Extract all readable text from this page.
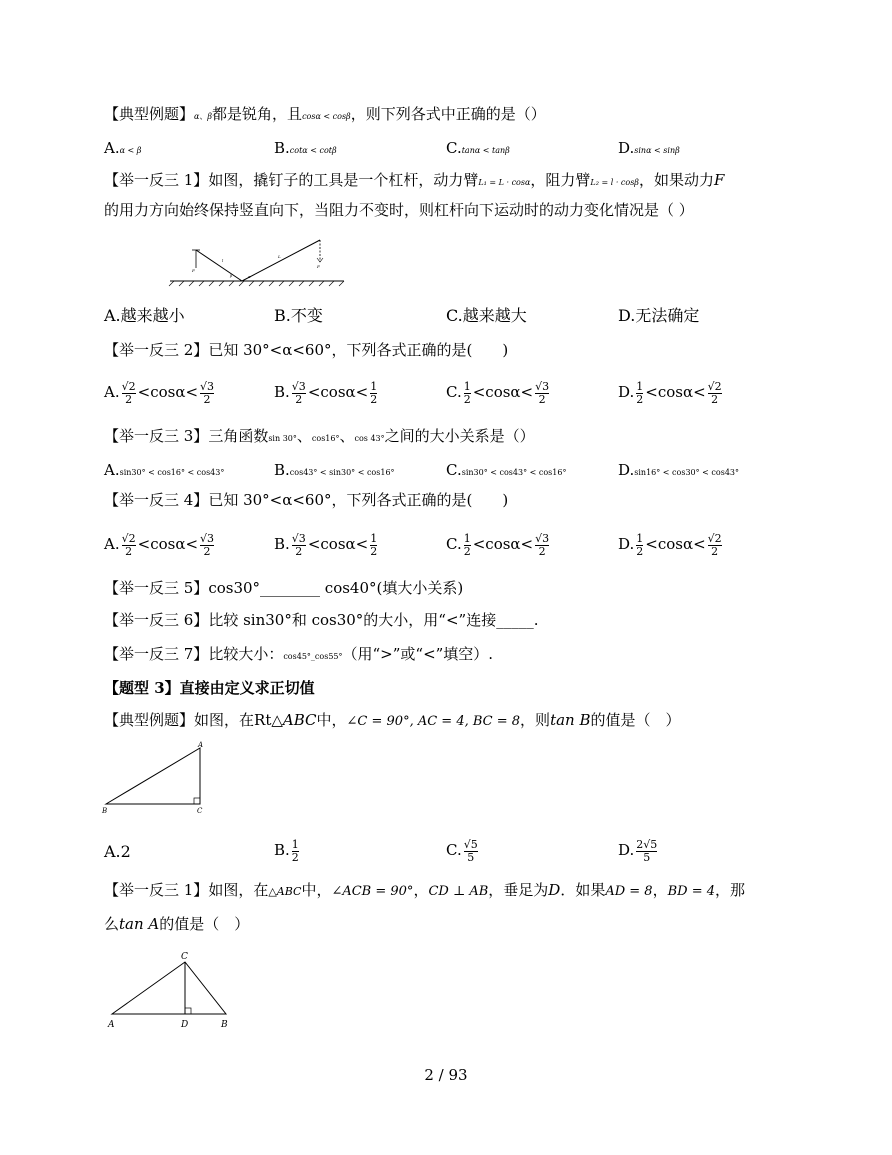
【典型例题】α、β都是锐角，且cosα < cosβ，则下列各式中正确的是（）
A.α < β	B.cotα < cotβ	C.tanα < tanβ	D.sinα < sinβ
【举一反三 1】如图，撬钉子的工具是一个杠杆，动力臂L₁ = L · cosα，阻力臂L₂ = l · cosβ，如果动力F
的用力方向始终保持竖直向下，当阻力不变时，则杠杆向下运动时的动力变化情况是（ ）
F
F
l
L
β	α
A.越来越小	B.不变	C.越来越大	D.无法确定
【举一反三 2】已知 30°<α<60°，下列各式正确的是(　　)
A. $\frac{√2}{2} <\cos\alpha< \frac{√3}{2}$	B. $\frac{√3}{2} <\cos\alpha< \frac{1}{2}$	C. $\frac{1}{2} <\cos\alpha< \frac{√3}{2}$	D. $\frac{1}{2} <\cos\alpha< \frac{√2}{2}$
【举一反三 3】三角函数sin 30°、cos16°、cos 43°之间的大小关系是（）
A.sin30° < cos16° < cos43°	B.cos43° < sin30° < cos16°	C.sin30° < cos43° < cos16°	D.sin16° < cos30° < cos43°
【举一反三 4】已知 30°<α<60°，下列各式正确的是(　　)
A. $\frac{√2}{2} <\cos\alpha< \frac{√3}{2}$	B. $\frac{√3}{2} <\cos\alpha< \frac{1}{2}$	C. $\frac{1}{2} <\cos\alpha< \frac{√3}{2}$	D. $\frac{1}{2} <\cos\alpha< \frac{√2}{2}$
【举一反三 5】cos30°________ cos40°(填大小关系)
【举一反三 6】比较 sin30°和 cos30°的大小，用“<”连接_____.
【举一反三 7】比较大小：cos45°_cos55°（用“>”或“<”填空）.
【题型 3】直接由定义求正切值
【典型例题】如图，在Rt△ABC中，∠C = 90°, AC = 4, BC = 8，则tan B的值是（　）
A
B	C
A.2	B. $\frac{1}{2}$	C. $\frac{√5}{5}$	D. $\frac{2√5}{5}$
【举一反三 1】如图，在△ABC中，∠ACB = 90°，CD ⊥ AB，垂足为D．如果AD = 8，BD = 4，那
么tan A的值是（　）
C
A	D	B
2 / 93
